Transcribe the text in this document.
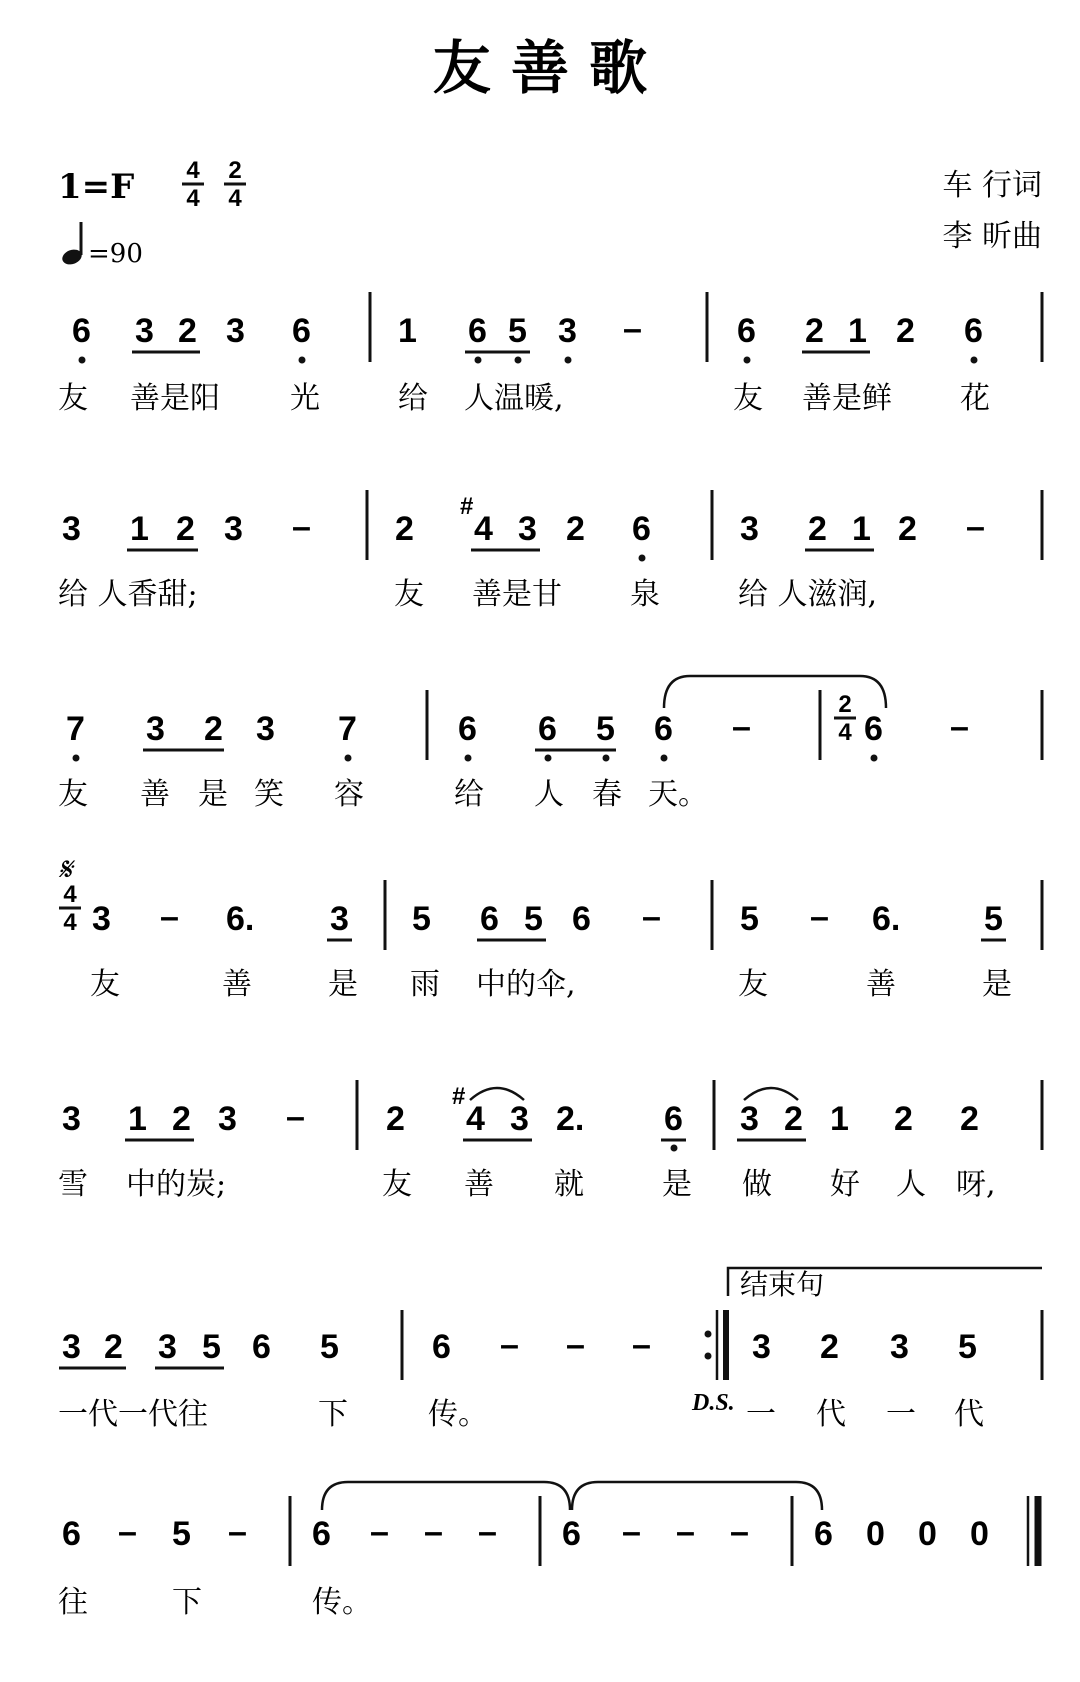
友 善 歌
1=F 4
4
2
4
=90
车 行词
李 昕曲
6 3 2 3 6	1 6 5 3 –	6 2 1 2 6
友 善是阳 光	给 人温暖,	友 善是鲜 花
3 1 2 3 – 2
#
4 3 2 6	3 2 1 2 –
给 人香甜;	友 善是甘 泉	给 人滋润,
7 3 2 3 7	6 6 5 6 –
2
4 6 –
友 善 是 笑 容	给 人 春 天。
𝄋
4
4 3 – 6. 3 5 6 5 6 – 5 – 6. 5
友	善	是 雨 中的伞,	友	善	是
3 1 2 3 – 2
#
4 3 2. 6 3 2 1 2 2
雪 中的炭;	友 善 就	是 做 好 人 呀,
结束句
3 2 3 5 6 5	6 – – –	3 2 3 5
D.S.
一代一代往	下	传。	一 代 一 代
6 – 5 – 6 – – – 6 – – – 6 0 0 0
往	下	传。
